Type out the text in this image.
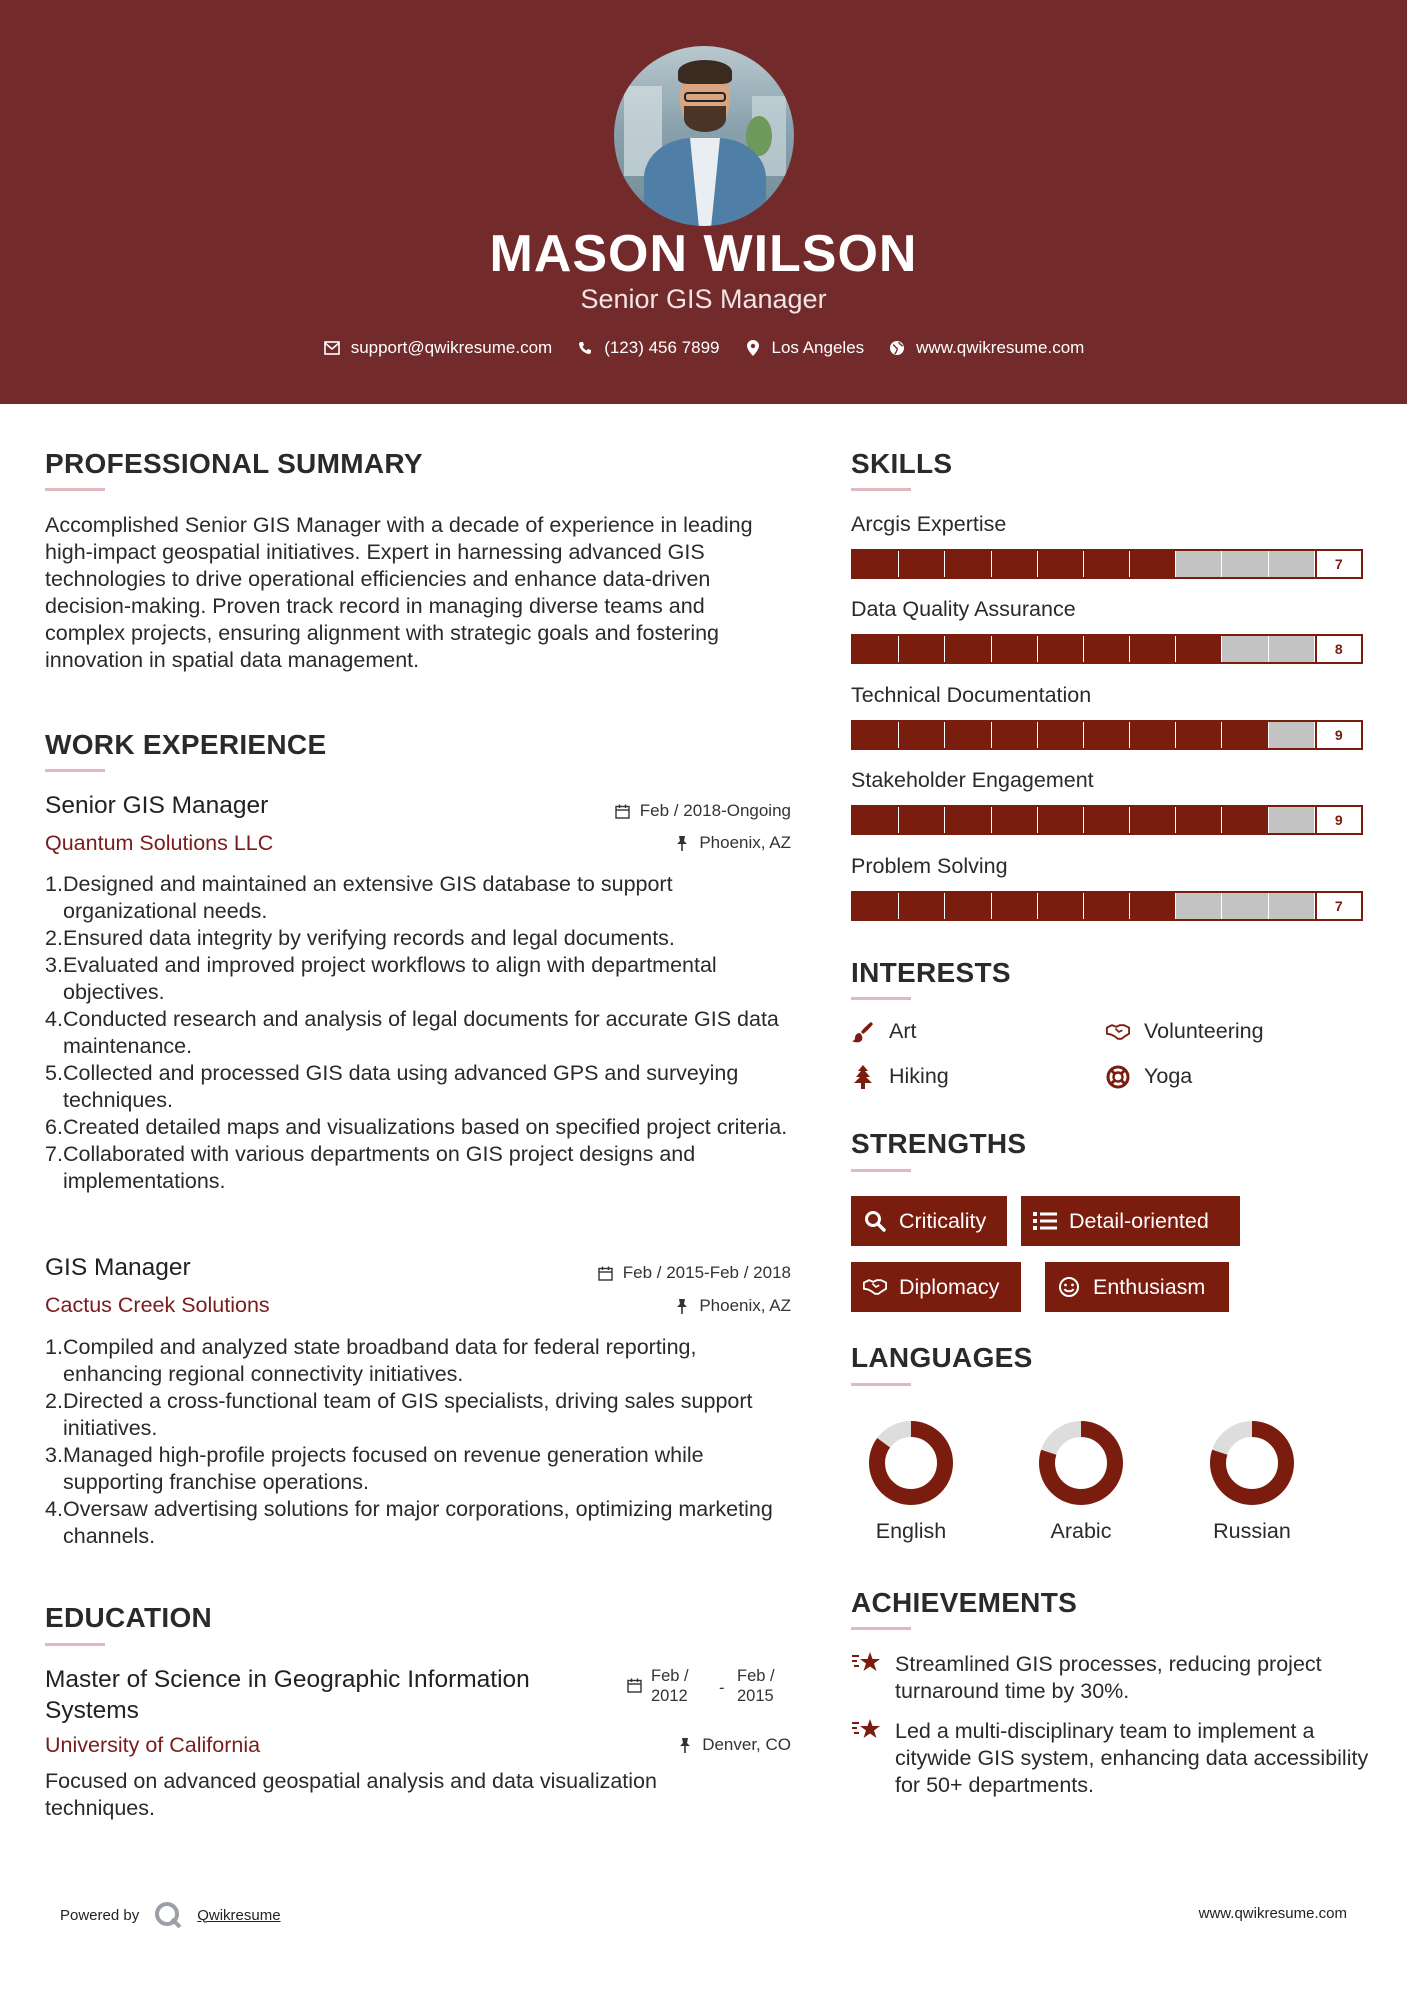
MASON WILSON
Senior GIS Manager
support@qwikresume.com	(123) 456 7899	Los Angeles	www.qwikresume.com
PROFESSIONAL SUMMARY
Accomplished Senior GIS Manager with a decade of experience in leading high-impact geospatial initiatives. Expert in harnessing advanced GIS technologies to drive operational efficiencies and enhance data-driven decision-making. Proven track record in managing diverse teams and complex projects, ensuring alignment with strategic goals and fostering innovation in spatial data management.
WORK EXPERIENCE
Senior GIS Manager
Quantum Solutions LLC
Feb / 2018-Ongoing
Phoenix, AZ
1. Designed and maintained an extensive GIS database to support organizational needs.
2. Ensured data integrity by verifying records and legal documents.
3. Evaluated and improved project workflows to align with departmental objectives.
4. Conducted research and analysis of legal documents for accurate GIS data maintenance.
5. Collected and processed GIS data using advanced GPS and surveying techniques.
6. Created detailed maps and visualizations based on specified project criteria.
7. Collaborated with various departments on GIS project designs and implementations.
GIS Manager
Cactus Creek Solutions
Feb / 2015-Feb / 2018
Phoenix, AZ
1. Compiled and analyzed state broadband data for federal reporting, enhancing regional connectivity initiatives.
2. Directed a cross-functional team of GIS specialists, driving sales support initiatives.
3. Managed high-profile projects focused on revenue generation while supporting franchise operations.
4. Oversaw advertising solutions for major corporations, optimizing marketing channels.
EDUCATION
Master of Science in Geographic Information Systems
Feb / 2012	-
Feb / 2015
University of California	Denver, CO
Focused on advanced geospatial analysis and data visualization techniques.
SKILLS
Arcgis Expertise
7
Data Quality Assurance
8
Technical Documentation
9
Stakeholder Engagement
9
Problem Solving
7
INTERESTS
Art	Volunteering
Hiking	Yoga
STRENGTHS
Criticality	Detail-oriented
Diplomacy	Enthusiasm
LANGUAGES
English	Arabic	Russian
ACHIEVEMENTS
Streamlined GIS processes, reducing project turnaround time by 30%.
Led a multi-disciplinary team to implement a citywide GIS system, enhancing data accessibility for 50+ departments.
Powered by	Qwikresume	www.qwikresume.com
